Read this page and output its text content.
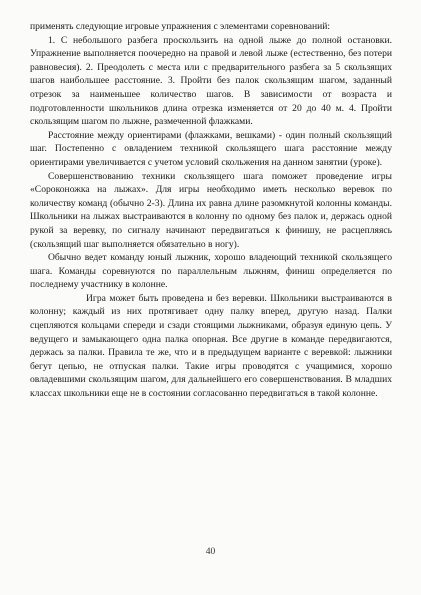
применять следующие игровые упражнения с элементами соревнований:

1. С небольшого разбега проскользить на одной лыже до полной остановки. Упражнение выполняется поочередно на правой и левой лыже (естественно, без потери равновесия). 2. Преодолеть с места или с предварительного разбега за 5 скользящих шагов наибольшее расстояние. 3. Пройти без палок скользящим шагом, заданный отрезок за наименьшее количество шагов. В зависимости от возраста и подготовленности школьников длина отрезка изменяется от 20 до 40 м. 4. Пройти скользящим шагом по лыжне, размеченной флажками.

Расстояние между ориентирами (флажками, вешками) - один полный скользящий шаг. Постепенно с овладением техникой скользящего шага расстояние между ориентирами увеличивается с учетом условий скольжения на данном занятии (уроке).

Совершенствованию техники скользящего шага поможет проведение игры «Сороконожка на лыжах». Для игры необходимо иметь несколько веревок по количеству команд (обычно 2-3). Длина их равна длине разомкнутой колонны команды. Школьники на лыжах выстраиваются в колонну по одному без палок и, держась одной рукой за веревку, по сигналу начинают передвигаться к финишу, не расцепляясь (скользящий шаг выполняется обязательно в ногу).

Обычно ведет команду юный лыжник, хорошо владеющий техникой скользящего шага. Команды соревнуются по параллельным лыжням, финиш определяется по последнему участнику в колонне.

Игра может быть проведена и без веревки. Школьники выстраиваются в колонну; каждый из них протягивает одну палку вперед, другую назад. Палки сцепляются кольцами спереди и сзади стоящими лыжниками, образуя единую цепь. У ведущего и замыкающего одна палка опорная. Все другие в команде передвигаются, держась за палки. Правила те же, что и в предыдущем варианте с веревкой: лыжники бегут цепью, не отпуская палки. Такие игры проводятся с учащимися, хорошо овладевшими скользящим шагом, для дальнейшего его совершенствования. В младших классах школьники еще не в состоянии согласованно передвигаться в такой колонне.

40
